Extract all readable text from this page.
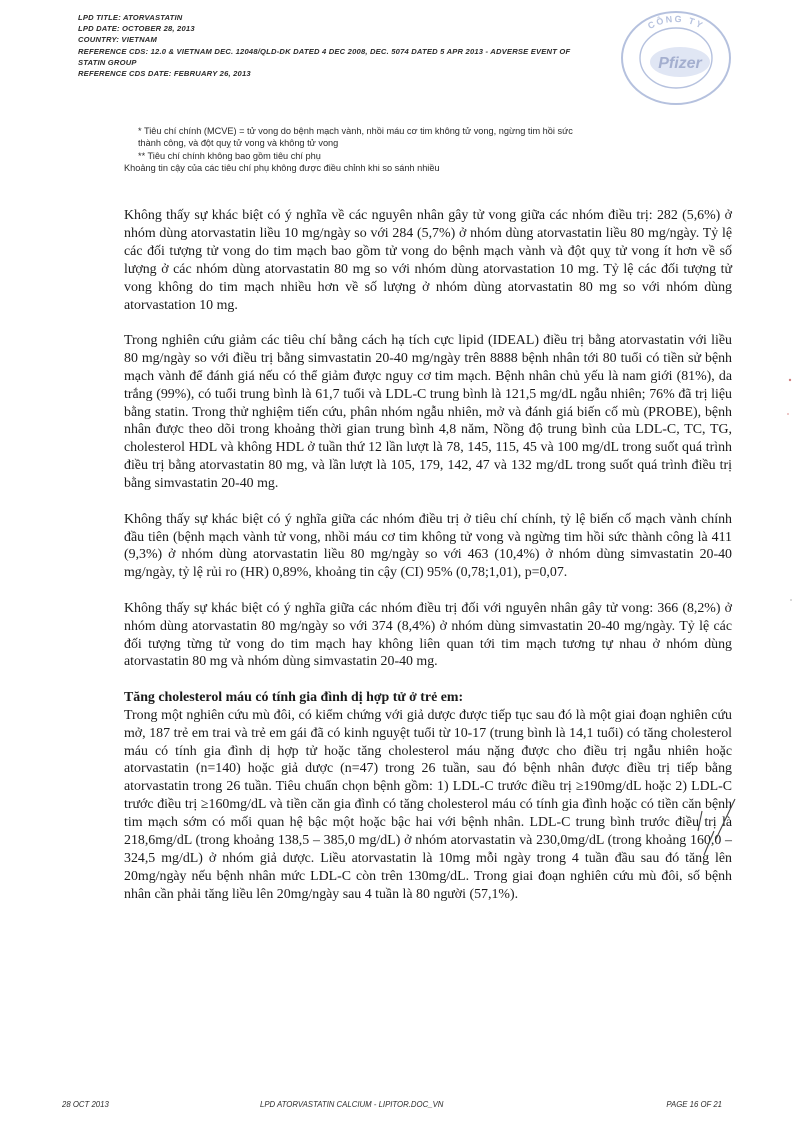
LPD TITLE: ATORVASTATIN
LPD DATE: OCTOBER 28, 2013
COUNTRY: VIETNAM
REFERENCE CDS: 12.0 & VIETNAM DEC. 12048/QLD-DK DATED 4 DEC 2008, DEC. 5074 DATED 5 APR 2013 - ADVERSE EVENT OF
STATIN GROUP
REFERENCE CDS DATE: FEBRUARY 26, 2013
Pfizer
CÔNG TY
* Tiêu chí chính (MCVE) = tử vong do bệnh mạch vành, nhồi máu cơ tim không tử vong, ngừng tim hồi sức
thành công, và đột quỵ tử vong và không tử vong
** Tiêu chí chính không bao gồm tiêu chí phụ
Khoảng tin cậy của các tiêu chí phụ không được điều chỉnh khi so sánh nhiều

Không thấy sự khác biệt có ý nghĩa về các nguyên nhân gây tử vong giữa các nhóm điều trị: 282 (5,6%) ở nhóm dùng atorvastatin liều 10 mg/ngày so với 284 (5,7%) ở nhóm dùng atorvastatin liều 80 mg/ngày. Tỷ lệ các đối tượng tử vong do tim mạch bao gồm tử vong do bệnh mạch vành và đột quỵ tử vong ít hơn về số lượng ở các nhóm dùng atorvastatin 80 mg so với nhóm dùng atorvastation 10 mg. Tỷ lệ các đối tượng tử vong không do tim mạch nhiều hơn về số lượng ở nhóm dùng atorvastatin 80 mg so với nhóm dùng atorvastation 10 mg.

Trong nghiên cứu giảm các tiêu chí bằng cách hạ tích cực lipid (IDEAL) điều trị bằng atorvastatin với liều 80 mg/ngày so với điều trị bằng simvastatin 20-40 mg/ngày trên 8888 bệnh nhân tới 80 tuổi có tiền sử bệnh mạch vành để đánh giá nếu có thể giảm được nguy cơ tim mạch. Bệnh nhân chủ yếu là nam giới (81%), da trắng (99%), có tuổi trung bình là 61,7 tuổi và LDL-C trung bình là 121,5 mg/dL ngẫu nhiên; 76% đã trị liệu bằng statin. Trong thử nghiệm tiến cứu, phân nhóm ngẫu nhiên, mở và đánh giá biến cố mù (PROBE), bệnh nhân được theo dõi trong khoảng thời gian trung bình 4,8 năm, Nồng độ trung bình của LDL-C, TC, TG, cholesterol HDL và không HDL ở tuần thứ 12 lần lượt là 78, 145, 115, 45 và 100 mg/dL trong suốt quá trình điều trị bằng atorvastatin 80 mg, và lần lượt là 105, 179, 142, 47 và 132 mg/dL trong suốt quá trình điều trị bằng simvastatin 20-40 mg.

Không thấy sự khác biệt có ý nghĩa giữa các nhóm điều trị ở tiêu chí chính, tỷ lệ biến cố mạch vành chính đầu tiên (bệnh mạch vành tử vong, nhồi máu cơ tim không tử vong và ngừng tim hồi sức thành công là 411 (9,3%) ở nhóm dùng atorvastatin liều 80 mg/ngày so với 463 (10,4%) ở nhóm dùng simvastatin 20-40 mg/ngày, tỷ lệ rủi ro (HR) 0,89%, khoảng tin cậy (CI) 95% (0,78;1,01), p=0,07.

Không thấy sự khác biệt có ý nghĩa giữa các nhóm điều trị đối với nguyên nhân gây tử vong: 366 (8,2%) ở nhóm dùng atorvastatin 80 mg/ngày so với 374 (8,4%) ở nhóm dùng simvastatin 20-40 mg/ngày. Tỷ lệ các đối tượng từng tử vong do tim mạch hay không liên quan tới tim mạch tương tự nhau ở nhóm dùng atorvastatin 80 mg và nhóm dùng simvastatin 20-40 mg.

Tăng cholesterol máu có tính gia đình dị hợp tử ở trẻ em:

Trong một nghiên cứu mù đôi, có kiểm chứng với giả dược được tiếp tục sau đó là một giai đoạn nghiên cứu mở, 187 trẻ em trai và trẻ em gái đã có kinh nguyệt tuổi từ 10-17 (trung bình là 14,1 tuổi) có tăng cholesterol máu có tính gia đình dị hợp tử hoặc tăng cholesterol máu nặng được cho điều trị ngẫu nhiên hoặc atorvastatin (n=140) hoặc giả dược (n=47) trong 26 tuần, sau đó bệnh nhân được điều trị tiếp bằng atorvastatin trong 26 tuần. Tiêu chuẩn chọn bệnh gồm: 1) LDL-C trước điều trị ≥190mg/dL hoặc 2) LDL-C trước điều trị ≥160mg/dL và tiền căn gia đình có tăng cholesterol máu có tính gia đình hoặc có tiền căn bệnh tim mạch sớm có mối quan hệ bậc một hoặc bậc hai với bệnh nhân. LDL-C trung bình trước điều trị là 218,6mg/dL (trong khoảng 138,5 – 385,0 mg/dL) ở nhóm atorvastatin và 230,0mg/dL (trong khoảng 160,0 – 324,5 mg/dL) ở nhóm giả dược. Liều atorvastatin là 10mg mỗi ngày trong 4 tuần đầu sau đó tăng lên 20mg/ngày nếu bệnh nhân mức LDL-C còn trên 130mg/dL. Trong giai đoạn nghiên cứu mù đôi, số bệnh nhân cần phải tăng liều lên 20mg/ngày sau 4 tuần là 80 người (57,1%).

28 OCT 2013	LPD ATORVASTATIN CALCIUM - LIPITOR.DOC_VN	PAGE 16 OF 21
